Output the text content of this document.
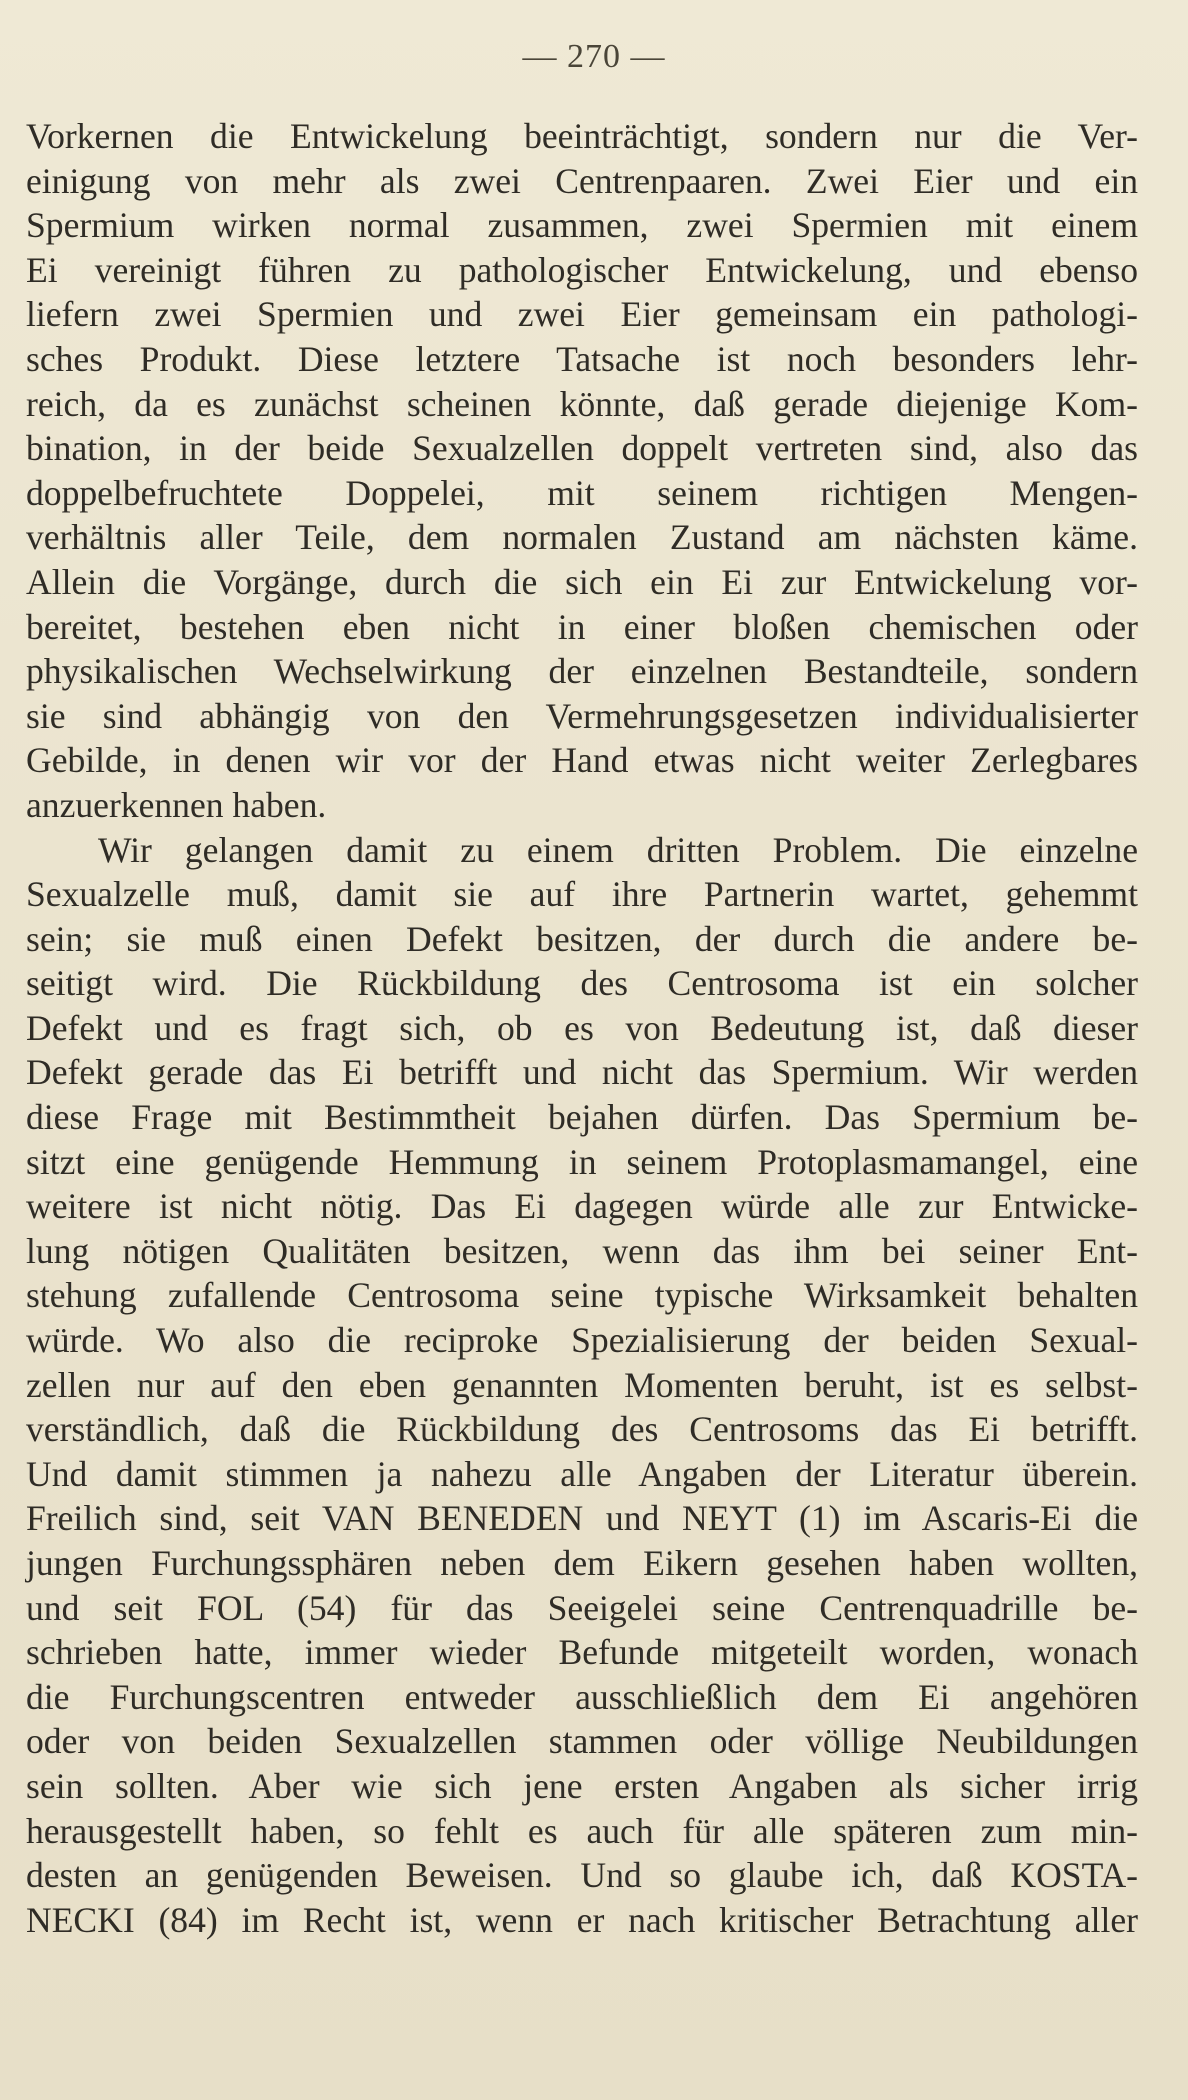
— 270 —
Vorkernen die Entwickelung beeinträchtigt, sondern nur die Ver-
einigung von mehr als zwei Centrenpaaren. Zwei Eier und ein
Spermium wirken normal zusammen, zwei Spermien mit einem
Ei vereinigt führen zu pathologischer Entwickelung, und ebenso
liefern zwei Spermien und zwei Eier gemeinsam ein pathologi-
sches Produkt. Diese letztere Tatsache ist noch besonders lehr-
reich, da es zunächst scheinen könnte, daß gerade diejenige Kom-
bination, in der beide Sexualzellen doppelt vertreten sind, also das
doppelbefruchtete Doppelei, mit seinem richtigen Mengen-
verhältnis aller Teile, dem normalen Zustand am nächsten käme.
Allein die Vorgänge, durch die sich ein Ei zur Entwickelung vor-
bereitet, bestehen eben nicht in einer bloßen chemischen oder
physikalischen Wechselwirkung der einzelnen Bestandteile, sondern
sie sind abhängig von den Vermehrungsgesetzen individualisierter
Gebilde, in denen wir vor der Hand etwas nicht weiter Zerlegbares
anzuerkennen haben.
Wir gelangen damit zu einem dritten Problem. Die einzelne
Sexualzelle muß, damit sie auf ihre Partnerin wartet, gehemmt
sein; sie muß einen Defekt besitzen, der durch die andere be-
seitigt wird. Die Rückbildung des Centrosoma ist ein solcher
Defekt und es fragt sich, ob es von Bedeutung ist, daß dieser
Defekt gerade das Ei betrifft und nicht das Spermium. Wir werden
diese Frage mit Bestimmtheit bejahen dürfen. Das Spermium be-
sitzt eine genügende Hemmung in seinem Protoplasmamangel, eine
weitere ist nicht nötig. Das Ei dagegen würde alle zur Entwicke-
lung nötigen Qualitäten besitzen, wenn das ihm bei seiner Ent-
stehung zufallende Centrosoma seine typische Wirksamkeit behalten
würde. Wo also die reciproke Spezialisierung der beiden Sexual-
zellen nur auf den eben genannten Momenten beruht, ist es selbst-
verständlich, daß die Rückbildung des Centrosoms das Ei betrifft.
Und damit stimmen ja nahezu alle Angaben der Literatur überein.
Freilich sind, seit VAN BENEDEN und NEYT (1) im Ascaris-Ei die
jungen Furchungssphären neben dem Eikern gesehen haben wollten,
und seit FOL (54) für das Seeigelei seine Centrenquadrille be-
schrieben hatte, immer wieder Befunde mitgeteilt worden, wonach
die Furchungscentren entweder ausschließlich dem Ei angehören
oder von beiden Sexualzellen stammen oder völlige Neubildungen
sein sollten. Aber wie sich jene ersten Angaben als sicher irrig
herausgestellt haben, so fehlt es auch für alle späteren zum min-
desten an genügenden Beweisen. Und so glaube ich, daß KOSTA-
NECKI (84) im Recht ist, wenn er nach kritischer Betrachtung aller
